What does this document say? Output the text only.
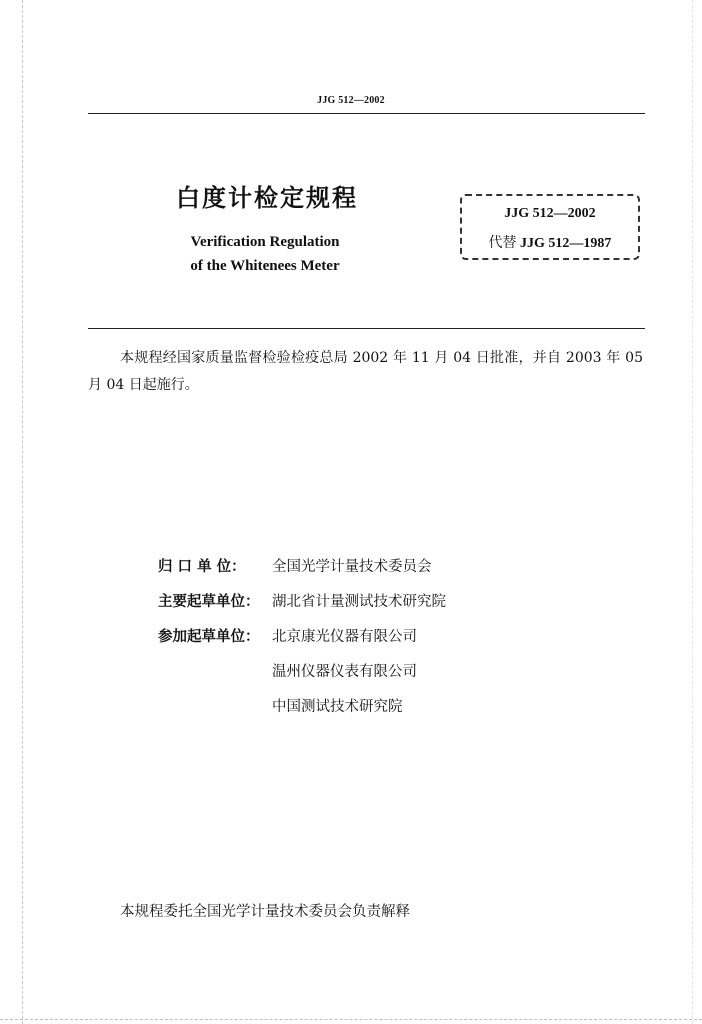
JJG 512—2002
白度计检定规程
Verification Regulation
of the Whitenees Meter
JJG 512—2002
代替 JJG 512—1987
本规程经国家质量监督检验检疫总局 2002 年 11 月 04 日批准，并自 2003 年 05 月 04 日起施行。
归 口 单 位：	全国光学计量技术委员会
主要起草单位： 湖北省计量测试技术研究院
参加起草单位： 北京康光仪器有限公司
温州仪器仪表有限公司
中国测试技术研究院
本规程委托全国光学计量技术委员会负责解释
